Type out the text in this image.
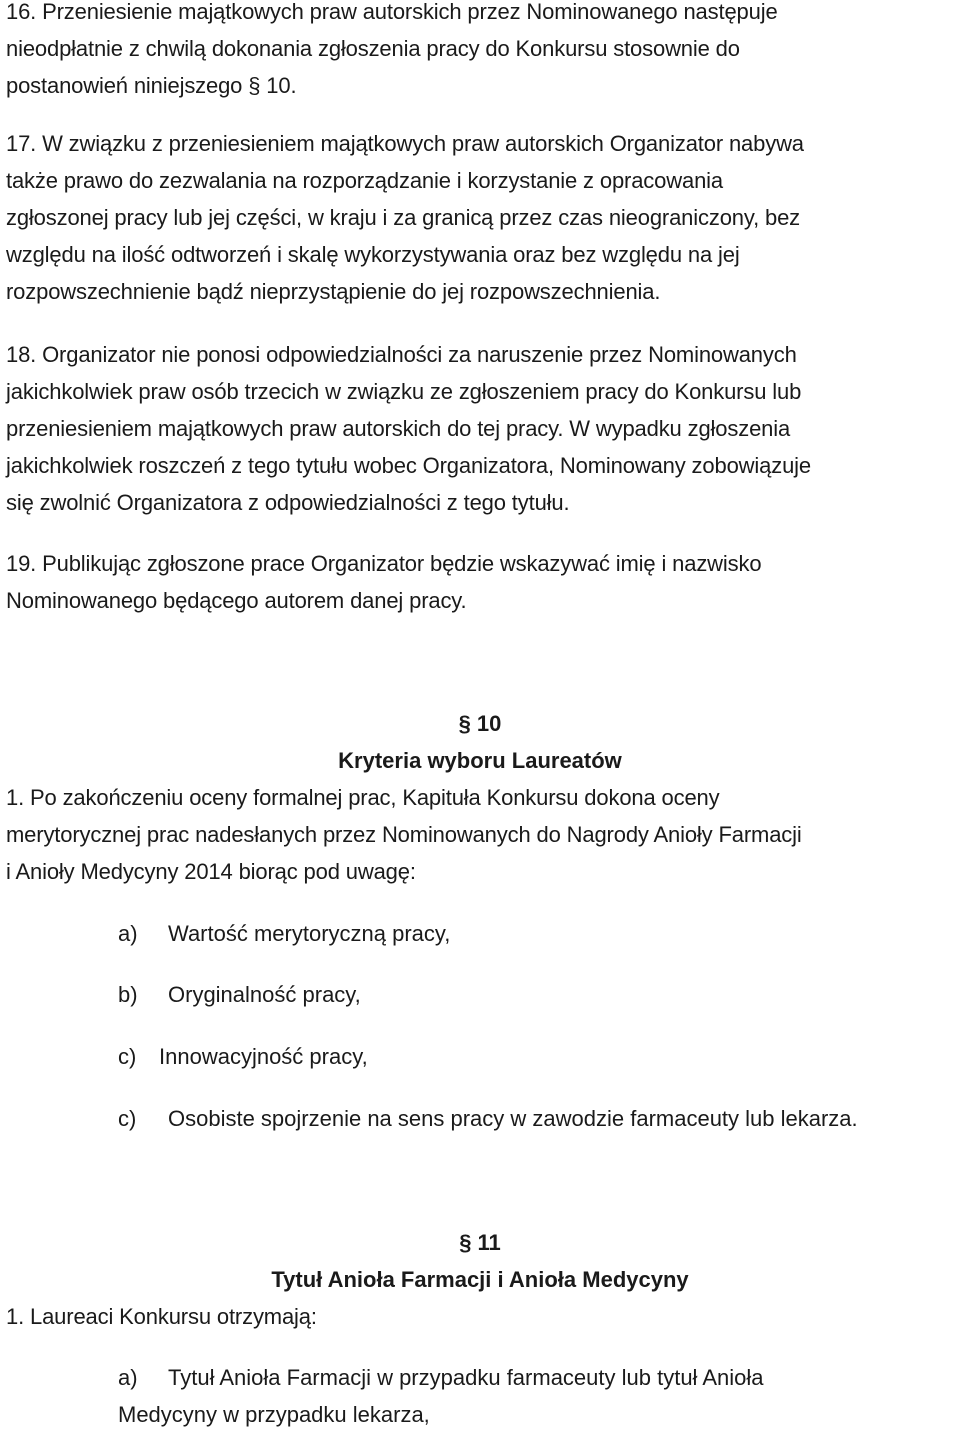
16. Przeniesienie majątkowych praw autorskich przez Nominowanego następuje
nieodpłatnie z chwilą dokonania zgłoszenia pracy do Konkursu stosownie do
postanowień niniejszego § 10.
17. W związku z przeniesieniem majątkowych praw autorskich Organizator nabywa
także prawo do zezwalania na rozporządzanie i korzystanie z opracowania
zgłoszonej pracy lub jej części, w kraju i za granicą przez czas nieograniczony, bez
względu na ilość odtworzeń i skalę wykorzystywania oraz bez względu na jej
rozpowszechnienie bądź nieprzystąpienie do jej rozpowszechnienia.
18. Organizator nie ponosi odpowiedzialności za naruszenie przez Nominowanych
jakichkolwiek praw osób trzecich w związku ze zgłoszeniem pracy do Konkursu lub
przeniesieniem majątkowych praw autorskich do tej pracy. W wypadku zgłoszenia
jakichkolwiek roszczeń z tego tytułu wobec Organizatora, Nominowany zobowiązuje
się zwolnić Organizatora z odpowiedzialności z tego tytułu.
19. Publikując zgłoszone prace Organizator będzie wskazywać imię i nazwisko
Nominowanego będącego autorem danej pracy.
§ 10
Kryteria wyboru Laureatów
1. Po zakończeniu oceny formalnej prac, Kapituła Konkursu dokona oceny
merytorycznej prac nadesłanych przez Nominowanych do Nagrody Anioły Farmacji
i Anioły Medycyny 2014 biorąc pod uwagę:
a) Wartość merytoryczną pracy,
b) Oryginalność pracy,
c) Innowacyjność pracy,
c) Osobiste spojrzenie na sens pracy w zawodzie farmaceuty lub lekarza.
§ 11
Tytuł Anioła Farmacji i Anioła Medycyny
1. Laureaci Konkursu otrzymają:
a) Tytuł Anioła Farmacji w przypadku farmaceuty lub tytuł Anioła
Medycyny w przypadku lekarza,
